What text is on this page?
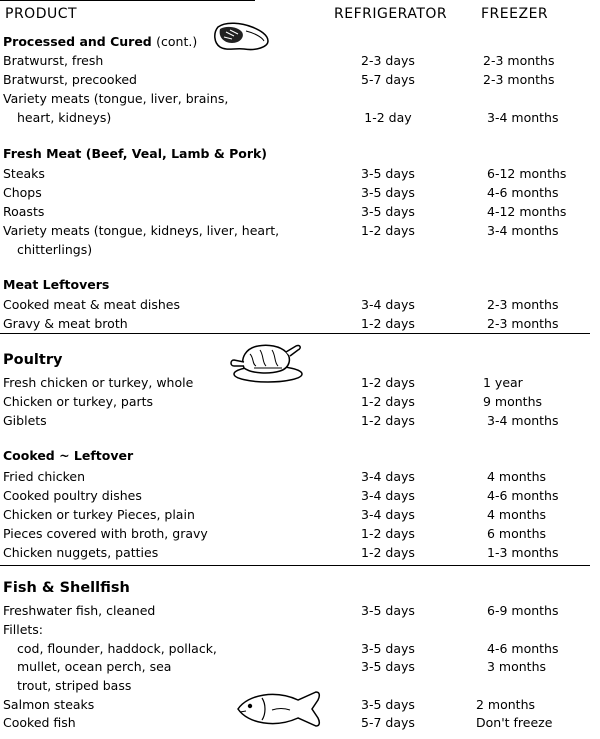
PRODUCT	REFRIGERATOR FREEZER
Processed and Cured (cont.)
Bratwurst, fresh	2-3 days	2-3 months
Bratwurst, precooked	5-7 days	2-3 months
Variety meats (tongue, liver, brains,
heart, kidneys)	1-2 day	3-4 months
Fresh Meat (Beef, Veal, Lamb & Pork)
Steaks	3-5 days	6-12 months
Chops	3-5 days	4-6 months
Roasts	3-5 days	4-12 months
Variety meats (tongue, kidneys, liver, heart,	1-2 days	3-4 months
chitterlings)
Meat Leftovers
Cooked meat & meat dishes	3-4 days	2-3 months
Gravy & meat broth	1-2 days	2-3 months
Poultry
Fresh chicken or turkey, whole	1-2 days	1 year
Chicken or turkey, parts	1-2 days	9 months
Giblets	1-2 days	3-4 months
Cooked ~ Leftover
Fried chicken	3-4 days	4 months
Cooked poultry dishes	3-4 days	4-6 months
Chicken or turkey Pieces, plain	3-4 days	4 months
Pieces covered with broth, gravy	1-2 days	6 months
Chicken nuggets, patties	1-2 days	1-3 months
Fish & Shellfish
Freshwater fish, cleaned	3-5 days	6-9 months
Fillets:
cod, flounder, haddock, pollack,	3-5 days	4-6 months
mullet, ocean perch, sea	3-5 days	3 months
trout, striped bass
Salmon steaks	3-5 days	2 months
Cooked fish	5-7 days	Don't freeze
